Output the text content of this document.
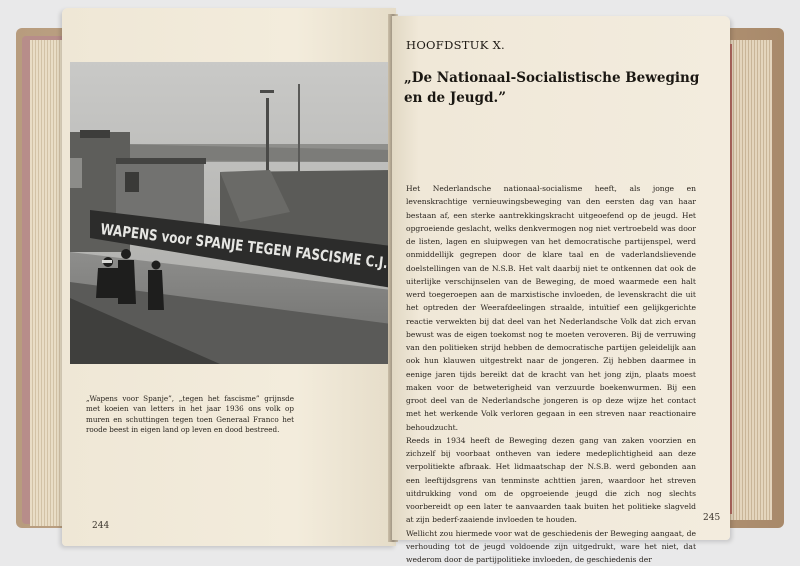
WAPENS voor SPANJE TEGEN FASCISME C.J.T.
„Wapens voor Spanje”, „tegen het fascisme” grijnsde met koeien van letters in het jaar 1936 ons volk op muren en schuttingen tegen toen Generaal Franco het roode beest in eigen land op leven en dood bestreed.
244
HOOFDSTUK X.
„De Nationaal-Socialistische Beweging
en de Jeugd.”

Het Nederlandsche nationaal-socialisme heeft, als jonge en levenskrachtige vernieuwingsbeweging van den eersten dag van haar bestaan af, een sterke aantrekkingskracht uitgeoefend op de jeugd. Het opgroeiende geslacht, welks denkvermogen nog niet vertroebeld was door de listen, lagen en sluipwegen van het democratische partijenspel, werd onmiddellijk gegrepen door de klare taal en de vaderlandslievende doelstellingen van de N.S.B. Het valt daarbij niet te ontkennen dat ook de uiterlijke verschijnselen van de Beweging, de moed waarmede een halt werd toegeroepen aan de marxistische invloeden, de levenskracht die uit het optreden der Weerafdeelingen straalde, intuïtief een gelijkgerichte reactie verwekten bij dat deel van het Nederlandsche Volk dat zich ervan bewust was de eigen toekomst nog te moeten veroveren. Bij de verruwing van den politieken strijd hebben de democratische partijen geleidelijk aan ook hun klauwen uitgestrekt naar de jongeren. Zij hebben daarmee in eenige jaren tijds bereikt dat de kracht van het jong zijn, plaats moest maken voor de betweterigheid van verzuurde boekenwurmen. Bij een groot deel van de Nederlandsche jongeren is op deze wijze het contact met het werkende Volk verloren gegaan in een streven naar reactionaire behoudzucht.

Reeds in 1934 heeft de Beweging dezen gang van zaken voorzien en zichzelf bij voorbaat ontheven van iedere medeplichtigheid aan deze verpolitiekte afbraak. Het lidmaatschap der N.S.B. werd gebonden aan een leeftijdsgrens van tenminste achttien jaren, waardoor het streven uitdrukking vond om de opgroeiende jeugd die zich nog slechts voorbereidt op een later te aanvaarden taak buiten het politieke slagveld at zijn bederf-zaaiende invloeden te houden.

Wellicht zou hiermede voor wat de geschiedenis der Beweging aangaat, de verhouding tot de jeugd voldoende zijn uitgedrukt, ware het niet, dat wederom door de partijpolitieke invloeden, de geschiedenis der

245
